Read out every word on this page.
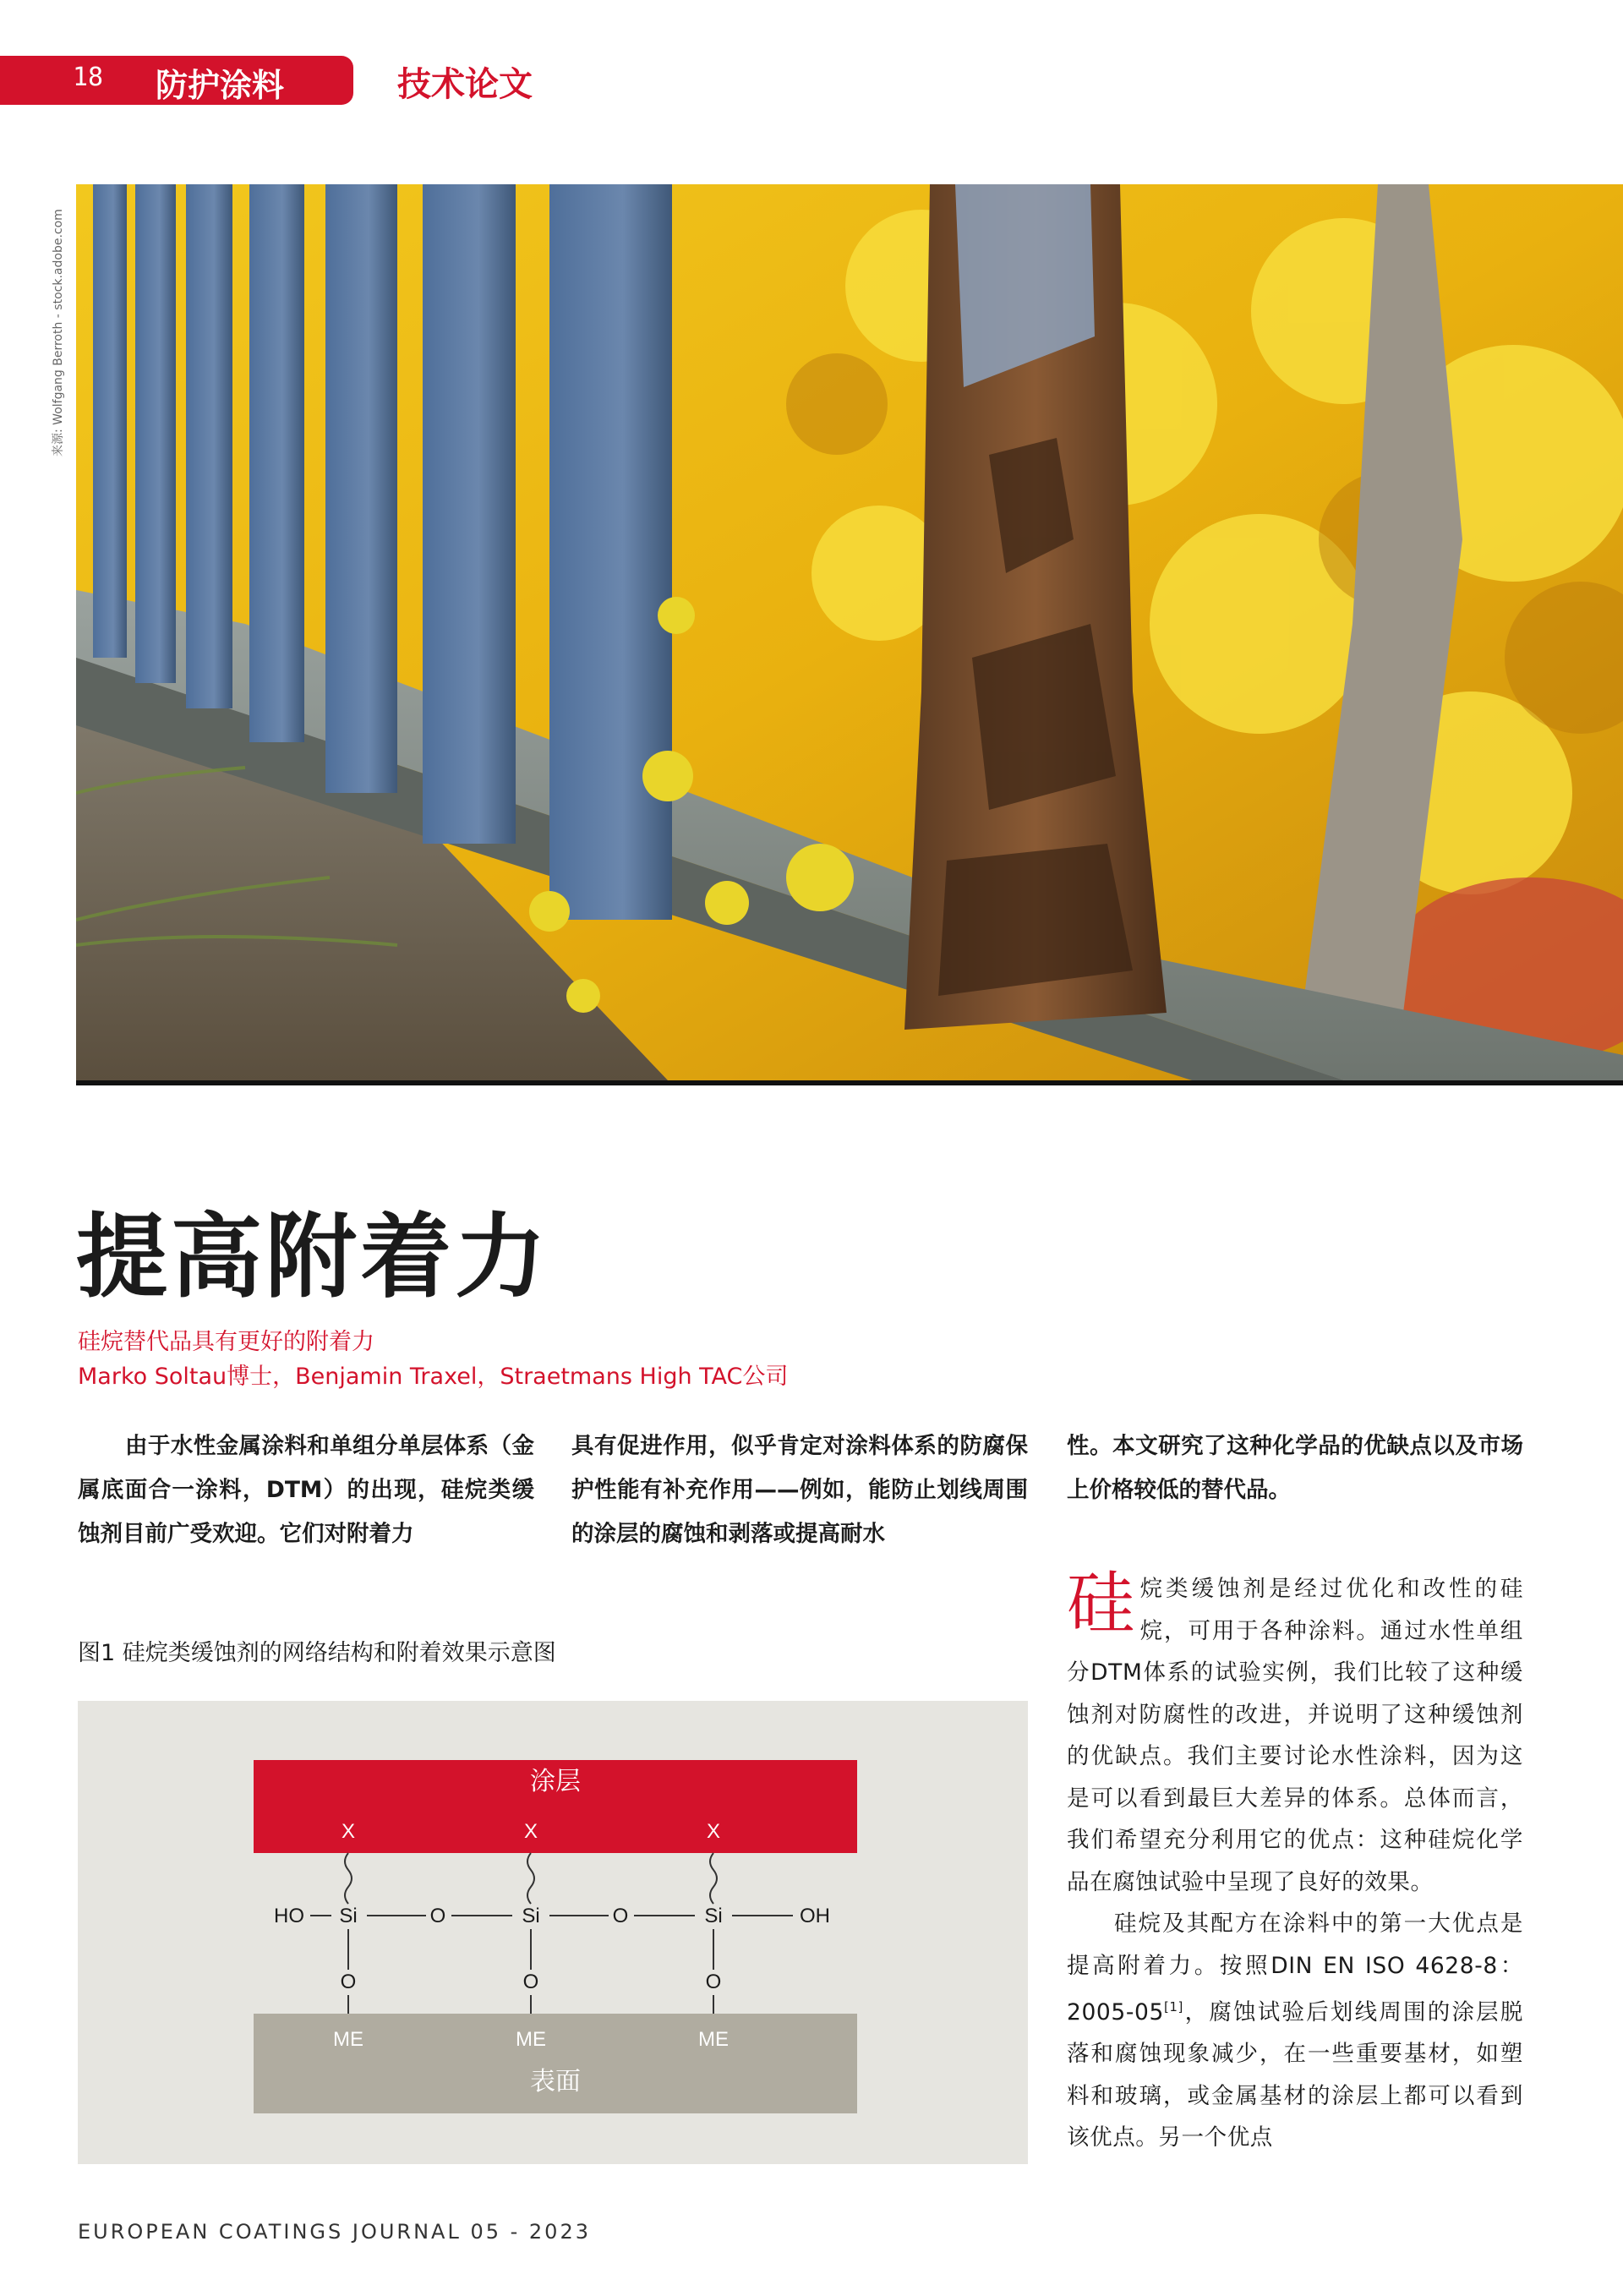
18 防护涂料	技术论文
来源: Wolfgang Berroth - stock.adobe.com
提高附着力
硅烷替代品具有更好的附着力
Marko Soltau博士，Benjamin Traxel，Straetmans High TAC公司

由于水性金属涂料和单组分单层体系（金属底面合一涂料，DTM）的出现，硅烷类缓蚀剂目前广受欢迎。它们对附着力

具有促进作用，似乎肯定对涂料体系的防腐保护性能有补充作用——例如，能防止划线周围的涂层的腐蚀和剥落或提高耐水

性。本文研究了这种化学品的优缺点以及市场上价格较低的替代品。

硅烷类缓蚀剂是经过优化和改性的硅烷，可用于各种涂料。通过水性单组分DTM体系的试验实例，我们比较了这种缓蚀剂对防腐性的改进，并说明了这种缓蚀剂的优缺点。我们主要讨论水性涂料，因为这是可以看到最巨大差异的体系。总体而言，我们希望充分利用它的优点：这种硅烷化学品在腐蚀试验中呈现了良好的效果。

硅烷及其配方在涂料中的第一大优点是提高附着力。按照DIN EN ISO 4628-8：2005-05[1]，腐蚀试验后划线周围的涂层脱落和腐蚀现象减少，在一些重要基材，如塑料和玻璃，或金属基材的涂层上都可以看到该优点。另一个优点

图1 硅烷类缓蚀剂的网络结构和附着效果示意图
涂层
X	X	X
HO Si	O	Si	O	Si	OH
O	O	O
ME	ME	ME
表面
EUROPEAN COATINGS JOURNAL 05 - 2023
